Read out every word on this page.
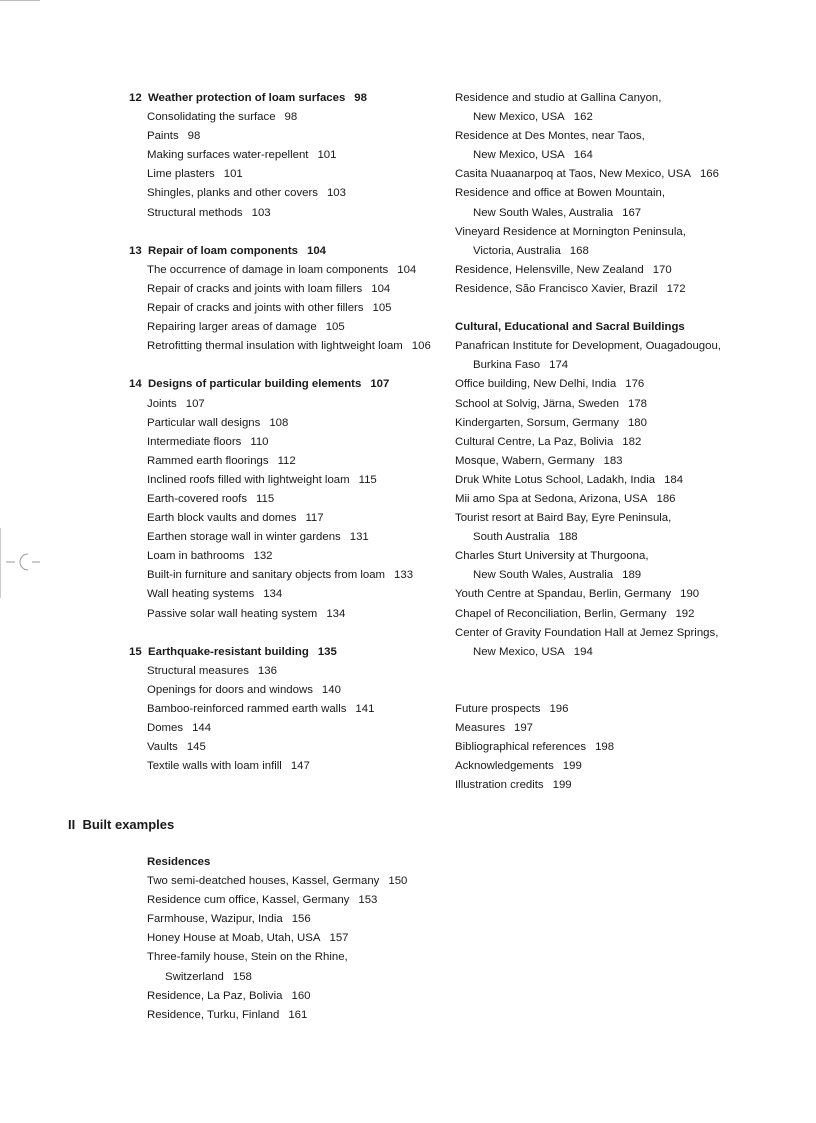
12 Weather protection of loam surfaces 98
Consolidating the surface 98
Paints 98
Making surfaces water-repellent 101
Lime plasters 101
Shingles, planks and other covers 103
Structural methods 103
13 Repair of loam components 104
The occurrence of damage in loam components 104
Repair of cracks and joints with loam fillers 104
Repair of cracks and joints with other fillers 105
Repairing larger areas of damage 105
Retrofitting thermal insulation with lightweight loam 106
14 Designs of particular building elements 107
Joints 107
Particular wall designs 108
Intermediate floors 110
Rammed earth floorings 112
Inclined roofs filled with lightweight loam 115
Earth-covered roofs 115
Earth block vaults and domes 117
Earthen storage wall in winter gardens 131
Loam in bathrooms 132
Built-in furniture and sanitary objects from loam 133
Wall heating systems 134
Passive solar wall heating system 134
15 Earthquake-resistant building 135
Structural measures 136
Openings for doors and windows 140
Bamboo-reinforced rammed earth walls 141
Domes 144
Vaults 145
Textile walls with loam infill 147
II Built examples
Residences
Two semi-deatched houses, Kassel, Germany 150
Residence cum office, Kassel, Germany 153
Farmhouse, Wazipur, India 156
Honey House at Moab, Utah, USA 157
Three-family house, Stein on the Rhine,
Switzerland 158
Residence, La Paz, Bolivia 160
Residence, Turku, Finland 161
Residence and studio at Gallina Canyon,
New Mexico, USA 162
Residence at Des Montes, near Taos,
New Mexico, USA 164
Casita Nuaanarpoq at Taos, New Mexico, USA 166
Residence and office at Bowen Mountain,
New South Wales, Australia 167
Vineyard Residence at Mornington Peninsula,
Victoria, Australia 168
Residence, Helensville, New Zealand 170
Residence, São Francisco Xavier, Brazil 172
Cultural, Educational and Sacral Buildings
Panafrican Institute for Development, Ouagadougou,
Burkina Faso 174
Office building, New Delhi, India 176
School at Solvig, Järna, Sweden 178
Kindergarten, Sorsum, Germany 180
Cultural Centre, La Paz, Bolivia 182
Mosque, Wabern, Germany 183
Druk White Lotus School, Ladakh, India 184
Mii amo Spa at Sedona, Arizona, USA 186
Tourist resort at Baird Bay, Eyre Peninsula,
South Australia 188
Charles Sturt University at Thurgoona,
New South Wales, Australia 189
Youth Centre at Spandau, Berlin, Germany 190
Chapel of Reconciliation, Berlin, Germany 192
Center of Gravity Foundation Hall at Jemez Springs,
New Mexico, USA 194
Future prospects 196
Measures 197
Bibliographical references 198
Acknowledgements 199
Illustration credits 199
